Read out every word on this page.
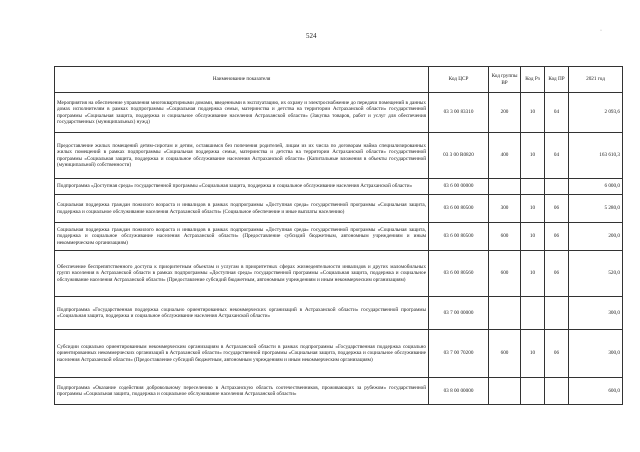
524
·
Наименование показателя	Код ЦСР	Код группы ВР	Код Рз	Код ПР	2021 год
Мероприятия на обеспечение управления многоквартирными домами, введенными в эксплуатацию, их охрану и электроснабжение до передачи помещений в данных домах исполнителям в рамках подпрограммы «Социальная поддержка семьи, материнства и детства на территории Астраханской области» государственной программы «Социальная защита, поддержка и социальное обслуживание населения Астраханской области» (Закупка товаров, работ и услуг для обеспечения государственных (муниципальных) нужд)	03 3 00 83310	200	10	04	2 093,6
Предоставление жилых помещений детям-сиротам и детям, оставшимся без попечения родителей, лицам из их числа по договорам найма специализированных жилых помещений в рамках подпрограммы «Социальная поддержка семьи, материнства и детства на территории Астраханской области» государственной программы «Социальная защита, поддержка и социальное обслуживание населения Астраханской области» (Капитальные вложения в объекты государственной (муниципальной) собственности)	03 3 00 R0820	400	10	04	163 610,3
Подпрограмма «Доступная среда» государственной программы «Социальная защита, поддержка и социальное обслуживание населения Астраханской области»	03 6 00 00000				6 000,0
Социальная поддержка граждан пожилого возраста и инвалидов в рамках подпрограммы «Доступная среда» государственной программы «Социальная защита, поддержка и социальное обслуживание населения Астраханской области» (Социальное обеспечение и иные выплаты населению)	03 6 00 80500	300	10	06	5 280,0
Социальная поддержка граждан пожилого возраста и инвалидов в рамках подпрограммы «Доступная среда» государственной программы «Социальная защита, поддержка и социальное обслуживание населения Астраханской области» (Предоставление субсидий бюджетным, автономным учреждениям и иным некоммерческим организациям)	03 6 00 80500	600	10	06	200,0
Обеспечение беспрепятственного доступа к приоритетным объектам и услугам в приоритетных сферах жизнедеятельности инвалидов и других маломобильных групп населения в Астраханской области в рамках подпрограммы «Доступная среда» государственной программы «Социальная защита, поддержка и социальное обслуживание населения Астраханской области» (Предоставление субсидий бюджетным, автономным учреждениям и иным некоммерческим организациям)	03 6 00 80560	600	10	06	520,0
Подпрограмма «Государственная поддержка социально ориентированных некоммерческих организаций в Астраханской области» государственной программы «Социальная защита, поддержка и социальное обслуживание населения Астраханской области»	03 7 00 00000				300,0
Субсидии социально ориентированным некоммерческим организациям в Астраханской области в рамках подпрограммы «Государственная поддержка социально ориентированных некоммерческих организаций в Астраханской области» государственной программы «Социальная защита, поддержка и социальное обслуживание населения Астраханской области» (Предоставление субсидий бюджетным, автономным учреждениям и иным некоммерческим организациям)	03 7 00 70200	600	10	06	300,0
Подпрограмма «Оказание содействия добровольному переселению в Астраханскую область соотечественников, проживающих за рубежом» государственной программы «Социальная защита, поддержка и социальное обслуживание населения Астраханской области»	03 8 00 00000				600,0
